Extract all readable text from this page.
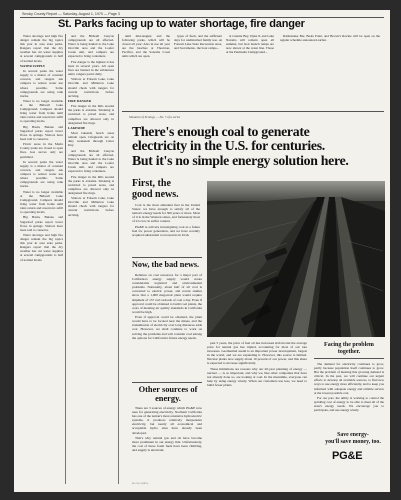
Smoky County Report — Saturday, August 1, 1970 — Page 3
St. Parks facing up to water shortage, fire danger

Water shortage and high fire danger remain the big topics this year in area state parks. Rangers report that the dry weather has cut water supplies at several campgrounds to half of normal levels.

WATER SUPPLY

In several parks the water supply is a matter of constant concern, and rangers ask campers to reduce water use where possible. Some campgrounds are using tank trucks.

Water is no longer available at the Bidwell Lake Campground. Campers should bring water from home until rains return and reservoirs refill to operating levels.

Big Basin, Butano and Sugarloaf parks report lower flows in springs. Visitors have been told to conserve.

Picnic areas in the Marin County parks are closed to open fires. Gas stoves only are permitted.

In several parks the water supply is a matter of constant concern, and rangers ask campers to reduce water use where possible. Some campgrounds are using tank trucks.

Water is no longer available at the Bidwell Lake Campground. Campers should bring water from home until rains return and reservoirs refill to operating levels.

Big Basin, Butano and Sugarloaf parks report lower flows in springs. Visitors have been told to conserve.

Water shortage and high fire danger remain the big topics this year in area state parks. Rangers report that the dry weather has cut water supplies at several campgrounds to half of normal levels.

and the Bidwell Canyon campgrounds are all affected. Water is being hauled to the Lake Oroville area and the Loafer Creek unit, and campers are expected to bring containers.

Fire danger is the highest it has been in several years. All open fires are banned in the wilderness units; rangers patrol daily.

Visitors at Folsom Lake, Lake Oroville and Millerton Lake should check with rangers for current restrictions before arriving.

FIRE DANGER

Fire danger in the hills around the parks is extreme. Smoking is restricted to paved areas, and campfires are allowed only in designated fire rings.

LAKESIDE

Most lakeside beach areas remain open. Lifeguards are on duty weekends through Labor Day.

and the Bidwell Canyon campgrounds are all affected. Water is being hauled to the Lake Oroville area and the Loafer Creek unit, and campers are expected to bring containers.

Fire danger in the hills around the parks is extreme. Smoking is restricted to paved areas, and campfires are allowed only in designated fire rings.

Visitors at Folsom Lake, Lake Oroville and Millerton Lake should check with rangers for current restrictions before arriving.

until mid-August, and the following parks, which will be closed all year: Also in use all year are the beaches at Thornton, Pacifica, and the Sonoma Coast units which are open.

types of fuels, and the sufficient days for undisturbed family use. At Folsom Lake State Recreation Area, and Sacramento, the boat camps...

at Granite Bay, Dyke 8, and Lake Natoma will remain open all summer, but boat launch ramps are now shown at the water line. Those at the Peninsula Campground...

Rattlesnake Bar, Beals Point, and Brown's Ravine will be open on the regular schedule announced earlier.

Situation of Ecology — No. 7 of a series
There's enough coal to generate
electricity in the U.S. for centuries.
But it's no simple energy solution here.
First, the good news.

Coal is the most abundant fuel in the United States: we have enough to satisfy all of the nation's energy needs for 300 years or more. Most of it is in the Western states, and fortunately most of it is low in sulfur content.

PG&E is actively investigating coal as a future fuel for power generation, and we have recently acquired substantial coal reserves in Utah.

Now, the bad news.

Reliance on coal resources for a major part of California's energy supply would create considerable logistical and environmental problems. Nationally, about half of all coal is converted to electric power, and recent studies show that a 1,000 megawatt plant would require shipment of 137 rail carloads of coal a day. Even if approval could be obtained to build coal plants, the costs of meeting air quality standards in California would be high.

Even if approval could be obtained, the plant would have to be located near the mines, and the transmission of electricity over long distances adds cost. However, we shall continue to work on solving the problems and will consider coal among the options for California's future energy needs.

Other sources of energy.

There are 3 sources of energy which PG&E now uses for generating electricity. Northern California has one of the nation's most extensive hydroelectric systems. It produces relatively inexpensive electricity, but nearly all economical and acceptable hydro sites have already been developed.

That's why natural gas and oil have become more prominent in our energy mix. Unfortunately, the cost of these fossil fuels have been climbing, and supply is uncertain.

past 5 years, the price of fuel oil has increased sixfold and the average price for natural gas has tripled, accounting for most of our rate increases. Geothermal steam is an important power development, largest in the world, and we are expanding it. However, this source is limited. Nuclear plants now supply about 10 percent of our power, and this share is expected to increase significantly.

These limitations are reasons why our 20-year planning of energy — nuclear — is so important, and why we, like other companies that have not already done so, are looking at coal. In the meantime, everyone can help by using energy wisely. When our customers use less, we need to build fewer plants.

Facing the problem together.

The demand for electricity continues to grow, partly because population itself continues to grow. But the problem of meeting this growing demand is critical. In the past, we will continue our urgent efforts to develop all available sources, to find new ways to use energy more efficiently, and to keep you informed with adequate energy and reliable service at the lowest possible cost.

For our part, the utility is working to control the spiraling cost of energy to be able to meet all of the state's energy needs. We encourage you to participate, and use energy wisely.

Save energy-
you'll save money, too.
PG&E
PG-74-1 (REV.)
